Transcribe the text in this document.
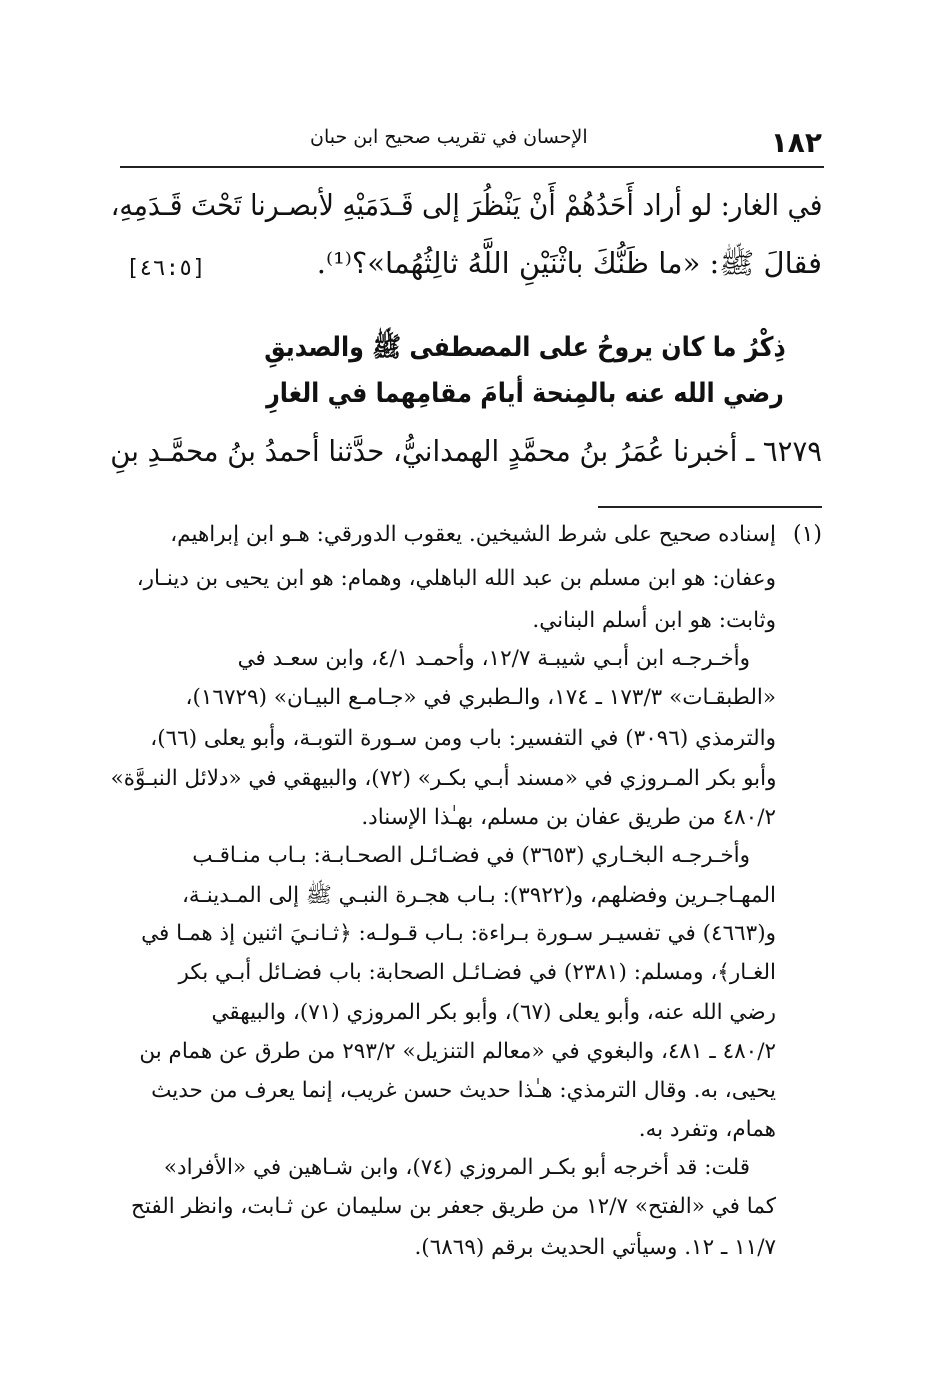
١٨٢
الإحسان في تقريب صحيح ابن حبان
في الغار: لو أراد أَحَدُهُمْ أَنْ يَنْظُرَ إلى قَـدَمَيْهِ لأبصـرنا تَحْتَ قَـدَمِهِ،
فقالَ ﷺ: «ما ظَنُّكَ باثْنَيْنِ اللَّهُ ثالِثُهُما»؟⁽¹⁾.
[٤٦:٥]
ذِكْرُ ما كان يروحُ على المصطفى ﷺ والصديقِ
رضي الله عنه بالمِنحة أيامَ مقامِهما في الغارِ
٦٢٧٩ ـ أخبرنا عُمَرُ بنُ محمَّدٍ الهمدانيُّ، حدَّثنا أحمدُ بنُ محمَّـدِ بنِ
(١)
إسناده صحيح على شرط الشيخين. يعقوب الدورقي: هـو ابن إبراهيم،
وعفان: هو ابن مسلم بن عبد الله الباهلي، وهمام: هو ابن يحيى بن دينـار،
وثابت: هو ابن أسلم البناني.
وأخـرجـه ابن أبـي شيبـة ١٢/٧، وأحمـد ٤/١، وابن سعـد في
«الطبقـات» ١٧٣/٣ ـ ١٧٤، والـطبري في «جـامـع البيـان» (١٦٧٢٩)،
والترمذي (٣٠٩٦) في التفسير: باب ومن سـورة التوبـة، وأبو يعلى (٦٦)،
وأبو بكر المـروزي في «مسند أبـي بكـر» (٧٢)، والبيهقي في «دلائل النبـوَّة»
٤٨٠/٢ من طريق عفان بن مسلم، بهـٰذا الإسناد.
وأخـرجـه البخـاري (٣٦٥٣) في فضـائـل الصحـابـة: بـاب منـاقـب
المهـاجـرين وفضلهم، و(٣٩٢٢): بـاب هجـرة النبـي ﷺ إلى المـدينـة،
و(٤٦٦٣) في تفسيـر سـورة بـراءة: بـاب قـولـه: ﴿ثـانـيَ اثنين إذ همـا في
الغـار﴾، ومسلم: (٢٣٨١) في فضـائـل الصحابة: باب فضـائل أبـي بكر
رضي الله عنه، وأبو يعلى (٦٧)، وأبو بكر المروزي (٧١)، والبيهقي
٤٨٠/٢ ـ ٤٨١، والبغوي في «معالم التنزيل» ٢٩٣/٢ من طرق عن همام بن
يحيى، به. وقال الترمذي: هـٰذا حديث حسن غريب، إنما يعرف من حديث
همام، وتفرد به.
قلت: قد أخرجه أبو بكـر المروزي (٧٤)، وابن شـاهين في «الأفراد»
كما في «الفتح» ١٢/٧ من طريق جعفر بن سليمان عن ثـابت، وانظر الفتح
١١/٧ ـ ١٢. وسيأتي الحديث برقم (٦٨٦٩).
